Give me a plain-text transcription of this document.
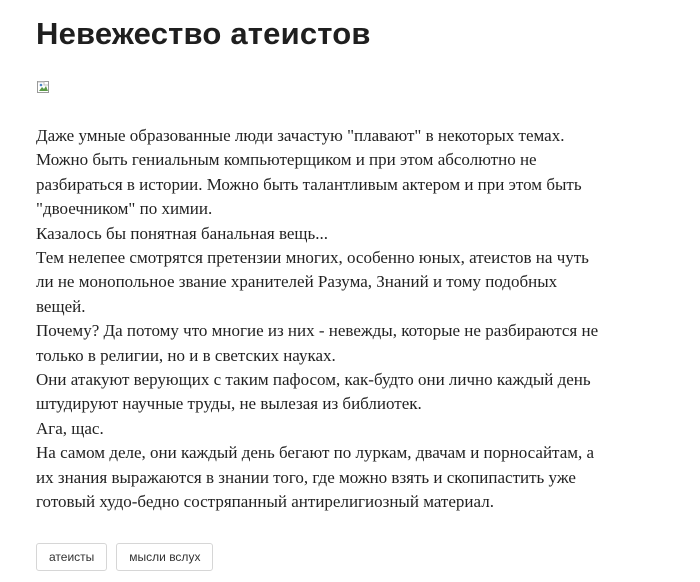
Невежество атеистов
Даже умные образованные люди зачастую "плавают" в некоторых темах.
Можно быть гениальным компьютерщиком и при этом абсолютно не
разбираться в истории. Можно быть талантливым актером и при этом быть
"двоечником" по химии.
Казалось бы понятная банальная вещь...
Тем нелепее смотрятся претензии многих, особенно юных, атеистов на чуть
ли не монопольное звание хранителей Разума, Знаний и тому подобных
вещей.
Почему? Да потому что многие из них - невежды, которые не разбираются не
только в религии, но и в светских науках.
Они атакуют верующих с таким пафосом, как-будто они лично каждый день
штудируют научные труды, не вылезая из библиотек.
Ага, щас.
На самом деле, они каждый день бегают по луркам, двачам и порносайтам, а
их знания выражаются в знании того, где можно взять и скопипастить уже
готовый худо-бедно состряпанный антирелигиозный материал.
атеисты	мысли вслух
